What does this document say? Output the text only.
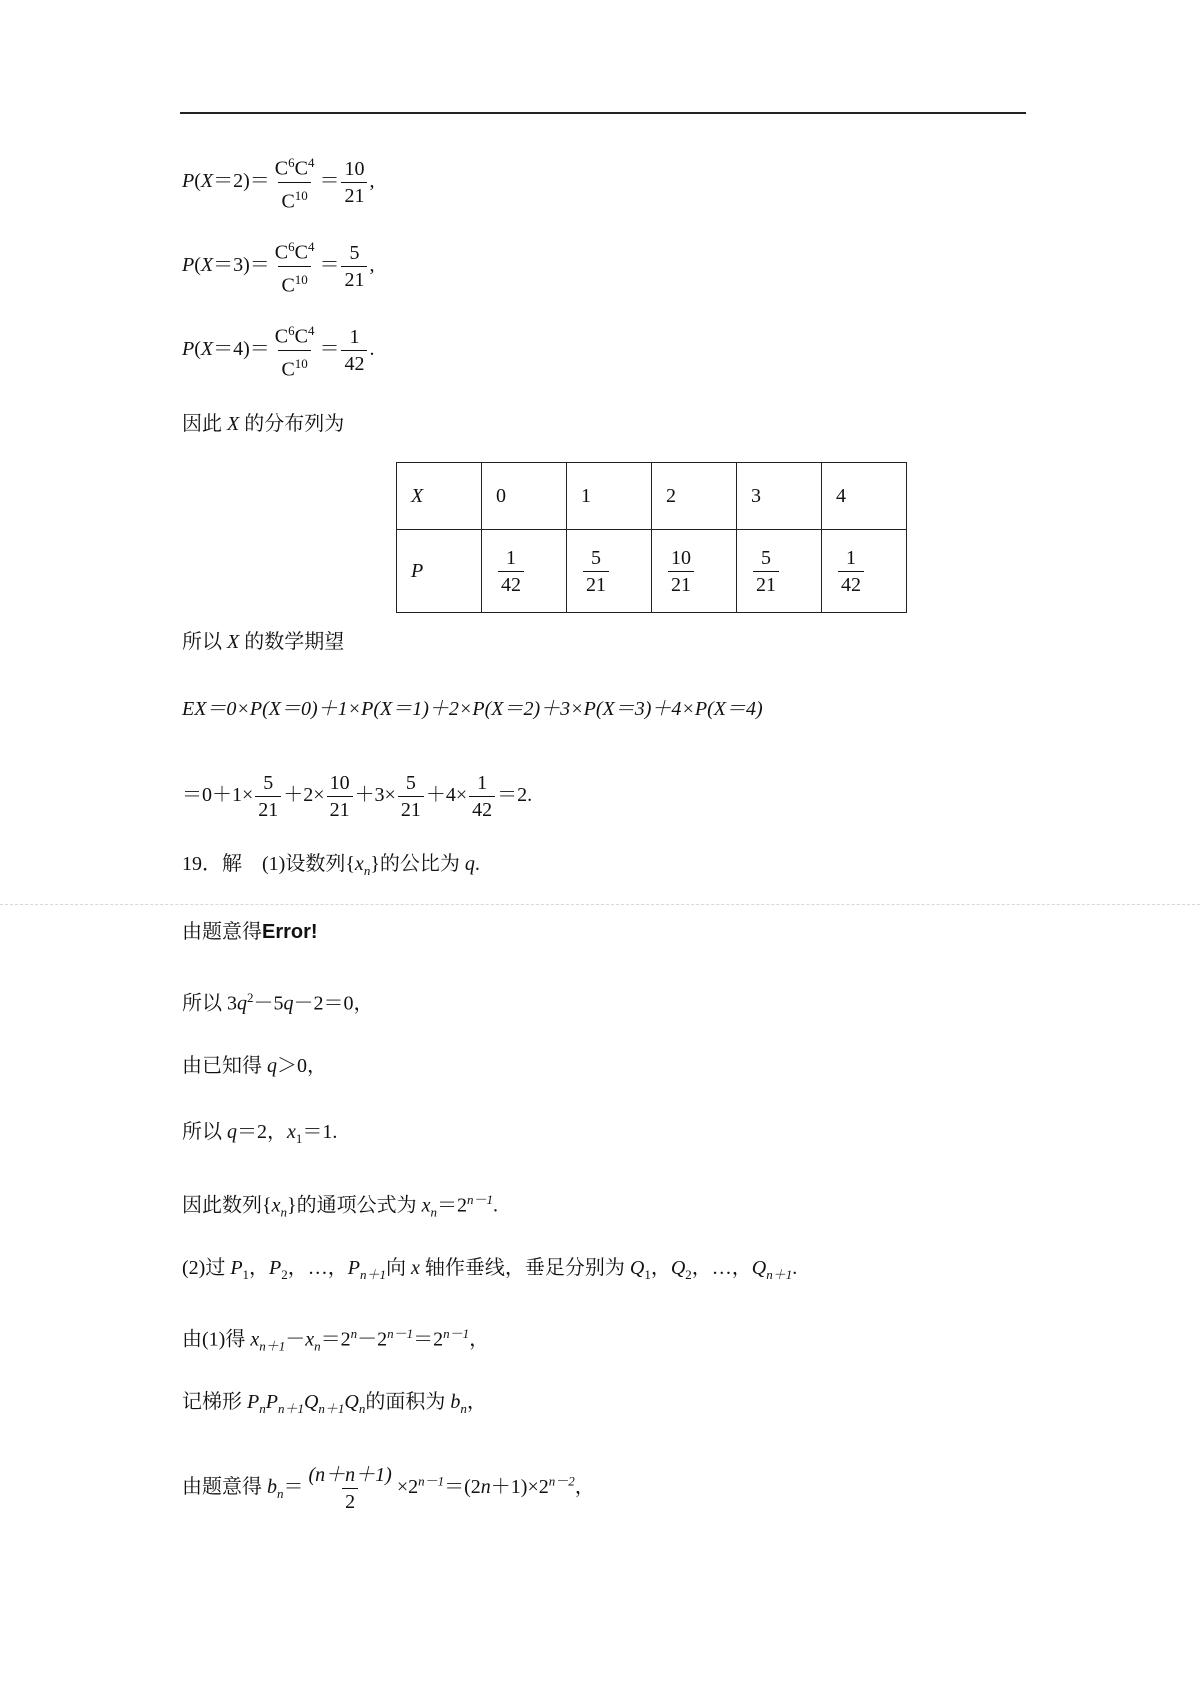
$P(X=2)= \frac{C^6C^4}{C^{10}} = \frac{10}{21}$ ,
$P(X=3)= \frac{C^6C^4}{C^{10}} = \frac{5}{21}$ ,
$P(X=4)= \frac{C^6C^4}{C^{10}} = \frac{1}{42}$ .
因此 X 的分布列为
X	0	1	2	3	4
P	$\frac{1}{42}$	$\frac{5}{21}$	$\frac{10}{21}$	$\frac{5}{21}$	$\frac{1}{42}$
所以 X 的数学期望
EX＝0×P(X＝0)＋1×P(X＝1)＋2×P(X＝2)＋3×P(X＝3)＋4×P(X＝4)
$=0+1\times \frac{5}{21} +2\times \frac{10}{21} +3\times \frac{5}{21} +4\times \frac{1}{42} =2$.
19．解　(1)设数列$\{x_n\}$的公比为 q.
由题意得Error!
所以 $3q^2-5q-2=0$，
由已知得 q＞0，
所以 q＝2，$x_1=1$.
因此数列$\{x_n\}$的通项公式为 $x_n=2^{n-1}$.
(2)过 $P_1$，$P_2$，…，$P_{n+1}$向 x 轴作垂线，垂足分别为 $Q_1$，$Q_2$，…，$Q_{n+1}$.
由(1)得 $x_{n+1}-x_n=2^n-2^{n-1}=2^{n-1}$，
记梯形 $P_nP_{n+1}Q_{n+1}Q_n$的面积为 $b_n$，
由题意得 $b_n= \frac{(n+n+1)}{2} \times 2^{n-1}=(2n+1)\times 2^{n-2}$，
